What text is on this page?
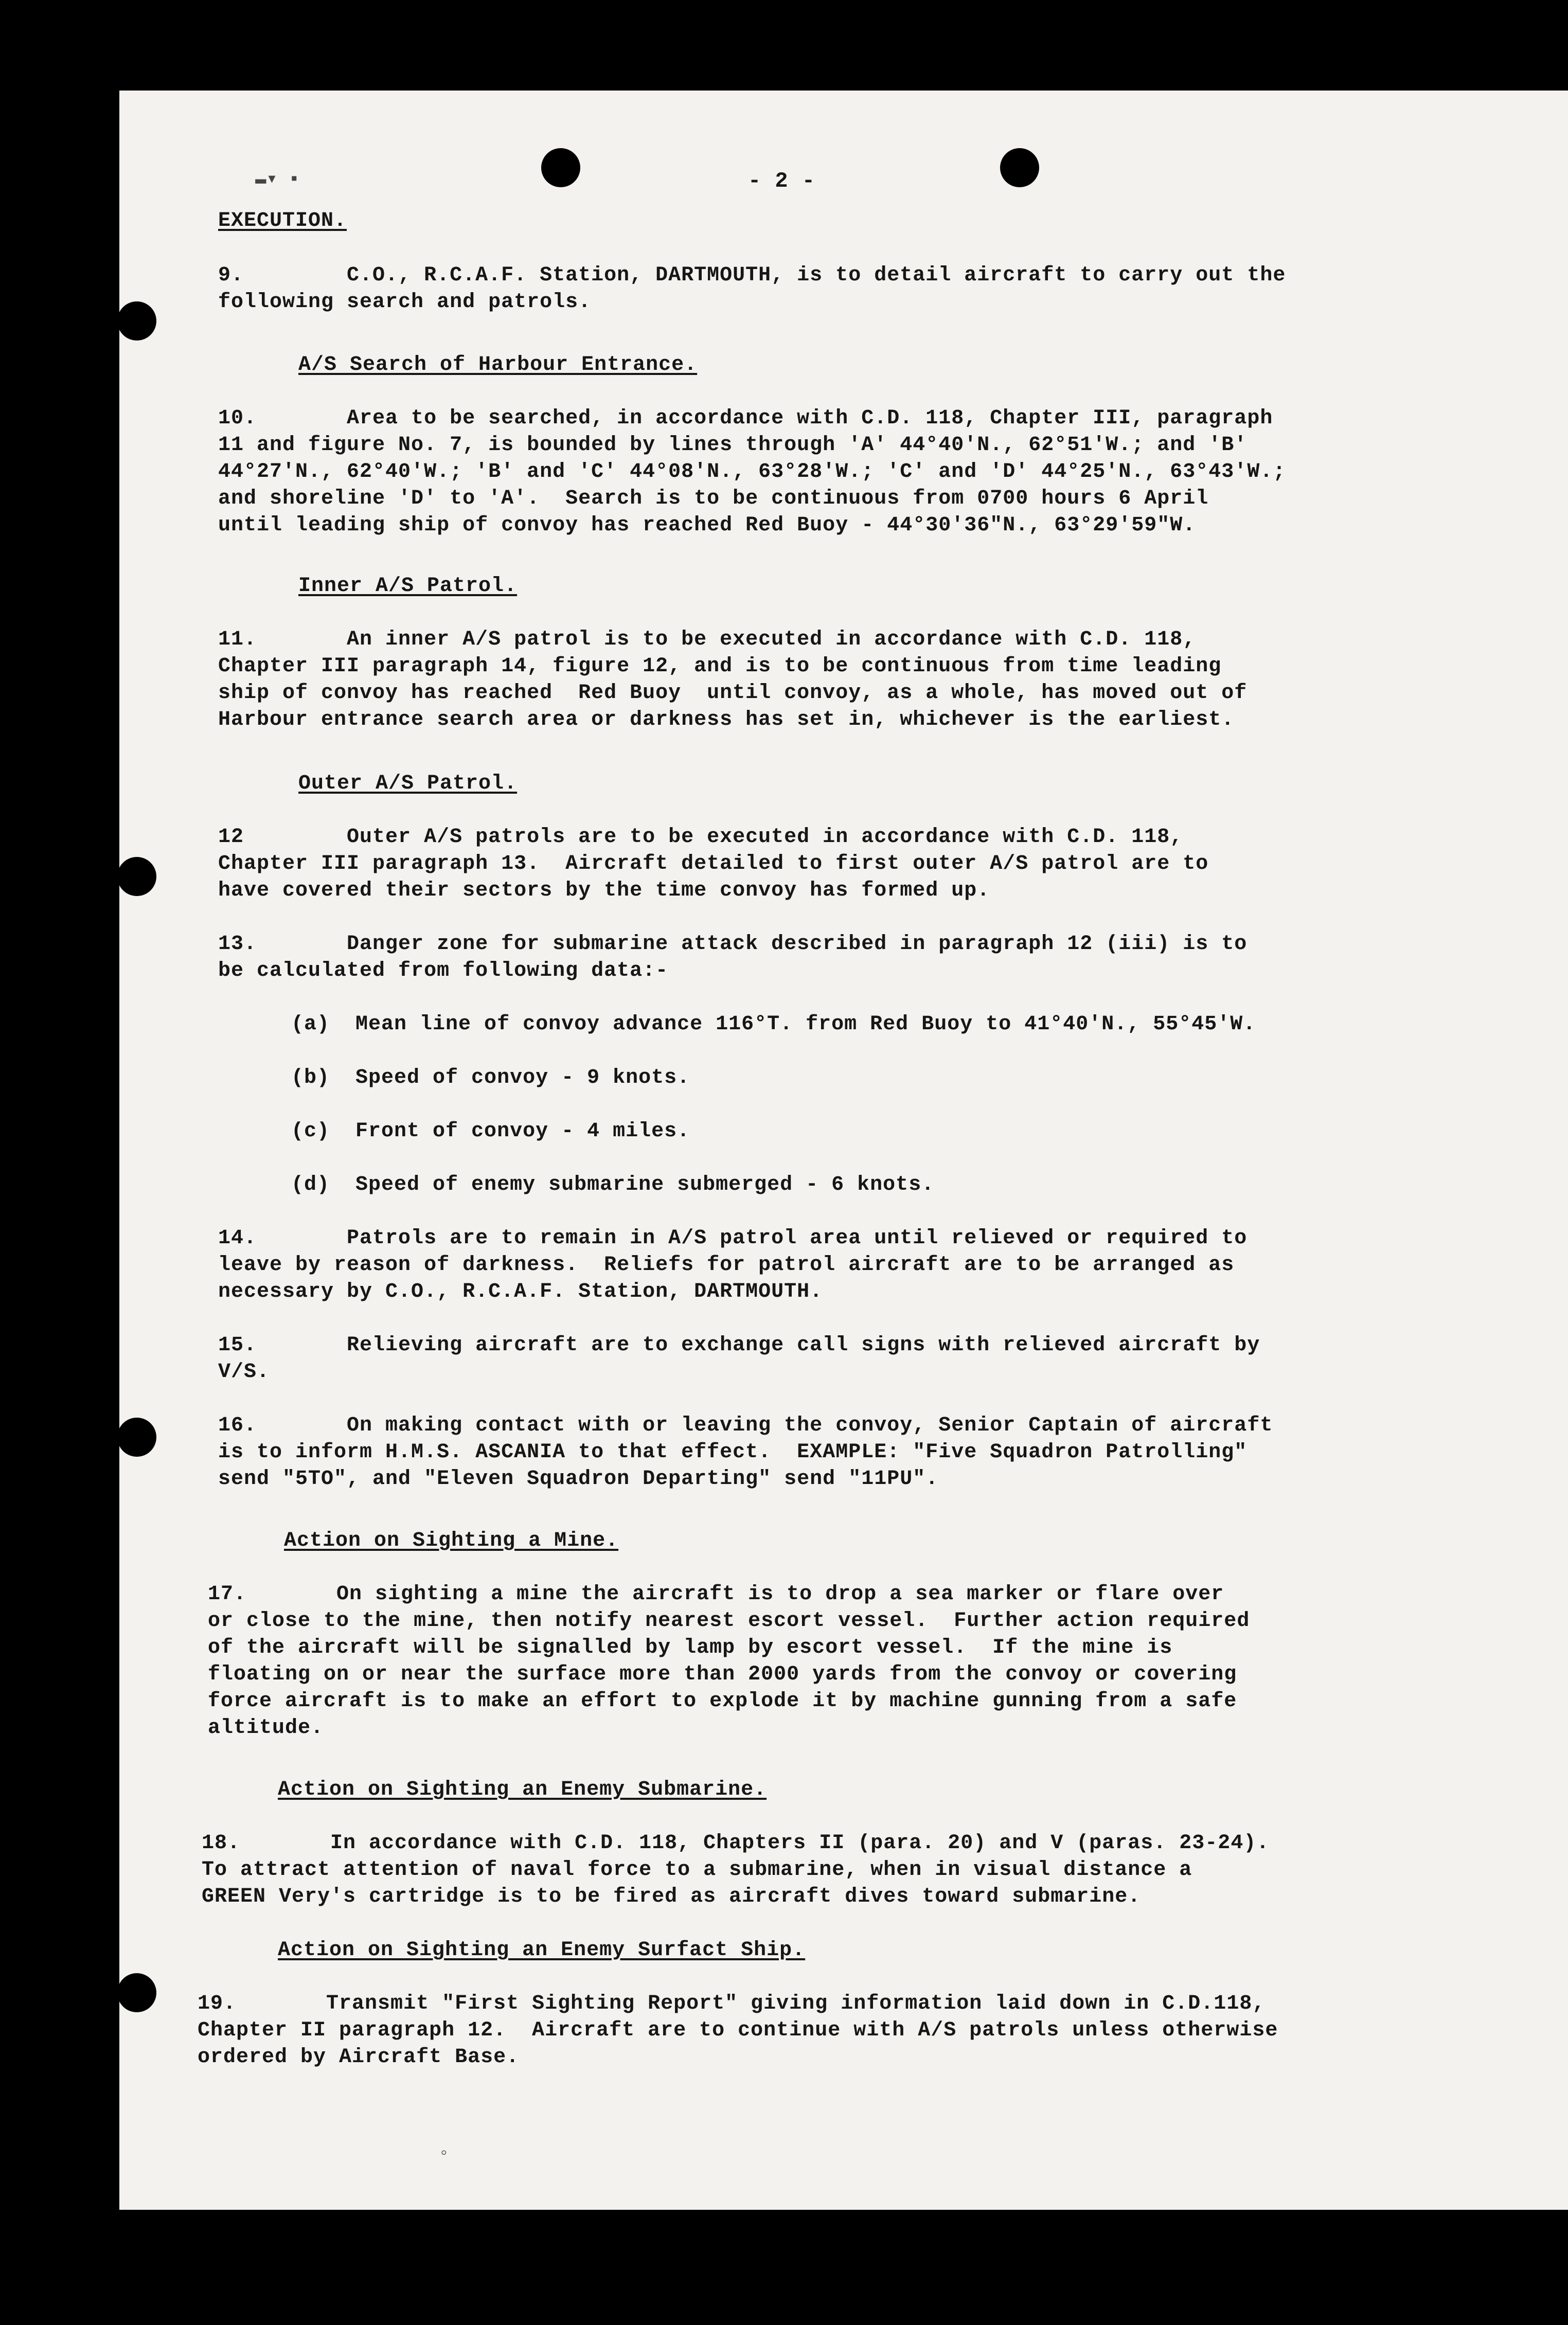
▬▾ ▪	- 2 -
EXECUTION.
9.        C.O., R.C.A.F. Station, DARTMOUTH, is to detail aircraft to carry out the
following search and patrols.
A/S Search of Harbour Entrance.
10.       Area to be searched, in accordance with C.D. 118, Chapter III, paragraph
11 and figure No. 7, is bounded by lines through 'A' 44°40'N., 62°51'W.; and 'B'
44°27'N., 62°40'W.; 'B' and 'C' 44°08'N., 63°28'W.; 'C' and 'D' 44°25'N., 63°43'W.;
and shoreline 'D' to 'A'.  Search is to be continuous from 0700 hours 6 April
until leading ship of convoy has reached Red Buoy - 44°30'36"N., 63°29'59"W.
Inner A/S Patrol.
11.       An inner A/S patrol is to be executed in accordance with C.D. 118,
Chapter III paragraph 14, figure 12, and is to be continuous from time leading
ship of convoy has reached  Red Buoy  until convoy, as a whole, has moved out of
Harbour entrance search area or darkness has set in, whichever is the earliest.
Outer A/S Patrol.
12        Outer A/S patrols are to be executed in accordance with C.D. 118,
Chapter III paragraph 13.  Aircraft detailed to first outer A/S patrol are to
have covered their sectors by the time convoy has formed up.
13.       Danger zone for submarine attack described in paragraph 12 (iii) is to
be calculated from following data:-
(a)  Mean line of convoy advance 116°T. from Red Buoy to 41°40'N., 55°45'W.
(b)  Speed of convoy - 9 knots.
(c)  Front of convoy - 4 miles.
(d)  Speed of enemy submarine submerged - 6 knots.
14.       Patrols are to remain in A/S patrol area until relieved or required to
leave by reason of darkness.  Reliefs for patrol aircraft are to be arranged as
necessary by C.O., R.C.A.F. Station, DARTMOUTH.
15.       Relieving aircraft are to exchange call signs with relieved aircraft by
V/S.
16.       On making contact with or leaving the convoy, Senior Captain of aircraft
is to inform H.M.S. ASCANIA to that effect.  EXAMPLE: "Five Squadron Patrolling"
send "5TO", and "Eleven Squadron Departing" send "11PU".
Action on Sighting a Mine.
17.       On sighting a mine the aircraft is to drop a sea marker or flare over
or close to the mine, then notify nearest escort vessel.  Further action required
of the aircraft will be signalled by lamp by escort vessel.  If the mine is
floating on or near the surface more than 2000 yards from the convoy or covering
force aircraft is to make an effort to explode it by machine gunning from a safe
altitude.
Action on Sighting an Enemy Submarine.
18.       In accordance with C.D. 118, Chapters II (para. 20) and V (paras. 23-24).
To attract attention of naval force to a submarine, when in visual distance a
GREEN Very's cartridge is to be fired as aircraft dives toward submarine.
Action on Sighting an Enemy Surfact Ship.
19.       Transmit "First Sighting Report" giving information laid down in C.D.118,
Chapter II paragraph 12.  Aircraft are to continue with A/S patrols unless otherwise
ordered by Aircraft Base.
◦
